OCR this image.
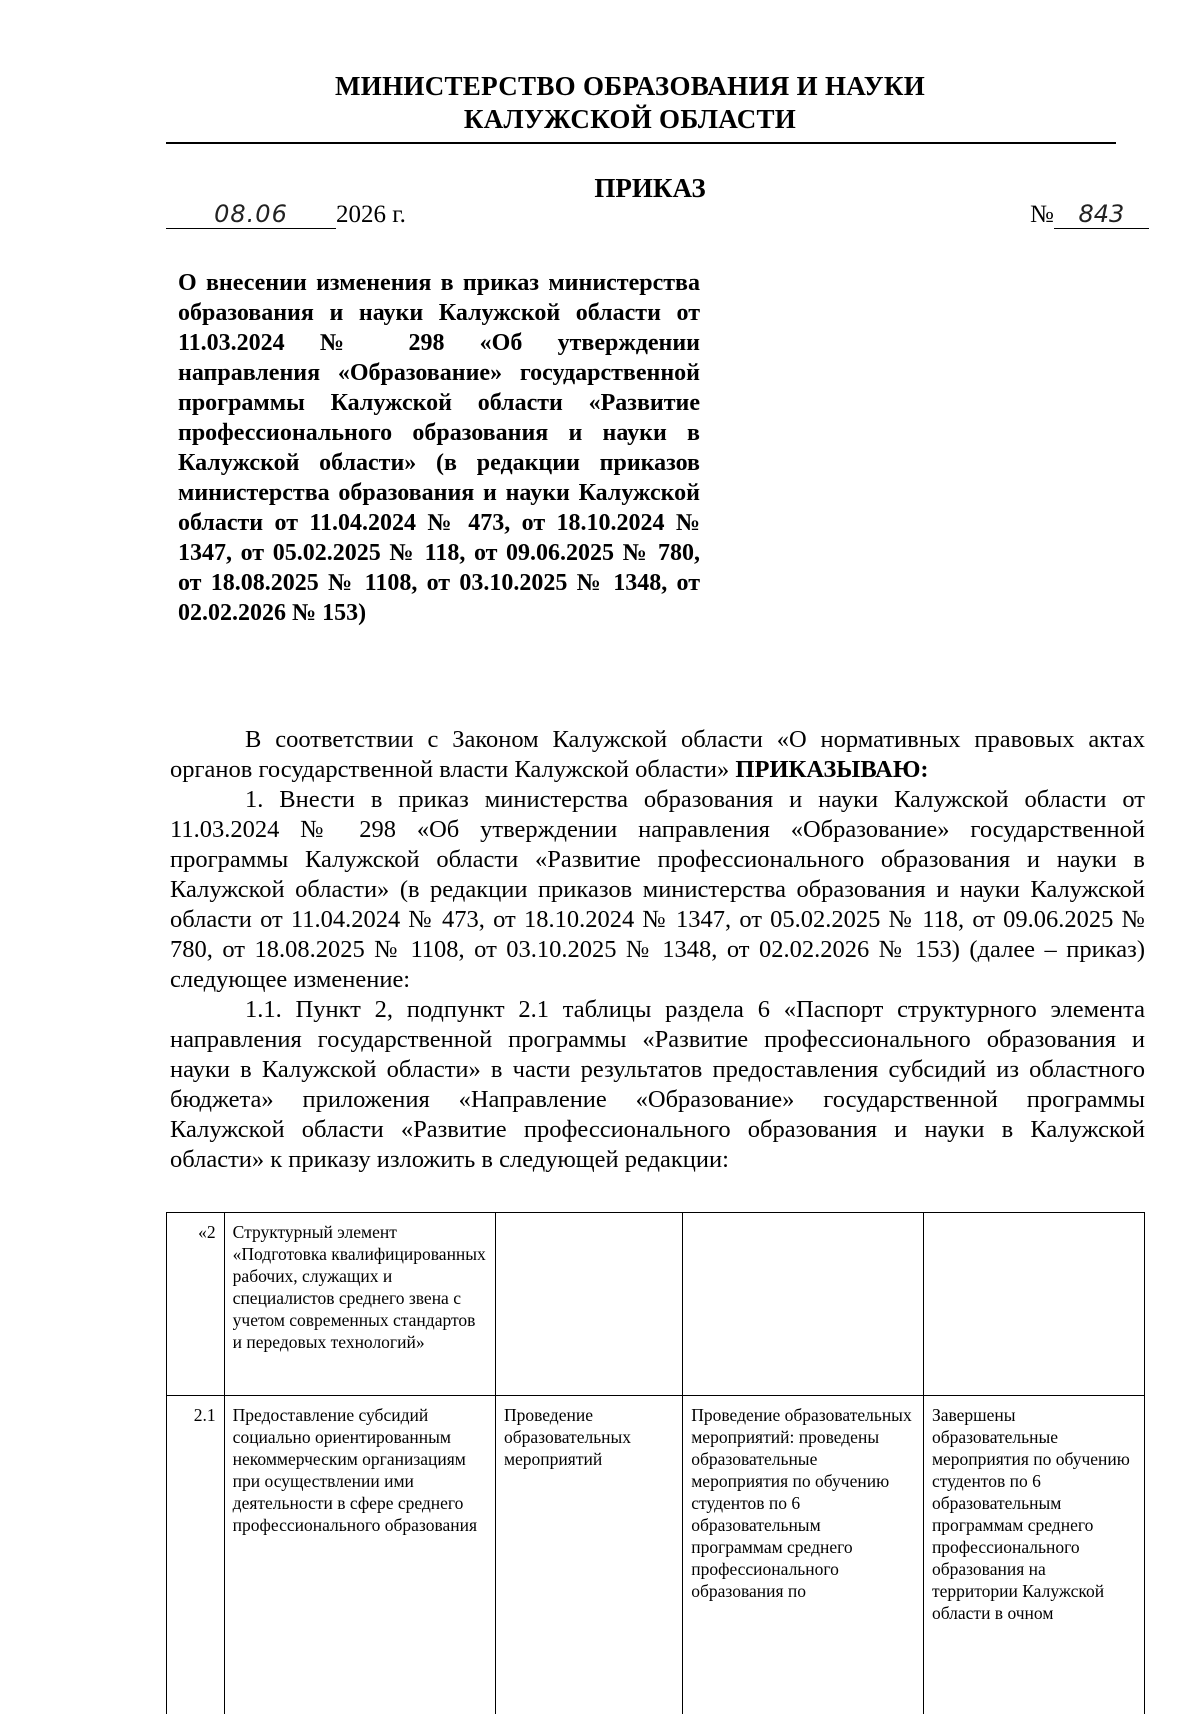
МИНИСТЕРСТВО ОБРАЗОВАНИЯ И НАУКИ
КАЛУЖСКОЙ ОБЛАСТИ
ПРИКАЗ
08.06 2026 г.	№ 843
О внесении изменения в приказ министерства образования и науки Калужской области от 11.03.2024 № 298 «Об утверждении направления «Образование» государственной программы Калужской области «Развитие профессионального образования и науки в Калужской области» (в редакции приказов министерства образования и науки Калужской области от 11.04.2024 № 473, от 18.10.2024 № 1347, от 05.02.2025 № 118, от 09.06.2025 № 780, от 18.08.2025 № 1108, от 03.10.2025 № 1348, от 02.02.2026 № 153)

В соответствии с Законом Калужской области «О нормативных правовых актах органов государственной власти Калужской области» ПРИКАЗЫВАЮ:

1. Внести в приказ министерства образования и науки Калужской области от 11.03.2024 № 298 «Об утверждении направления «Образование» государственной программы Калужской области «Развитие профессионального образования и науки в Калужской области» (в редакции приказов министерства образования и науки Калужской области от 11.04.2024 № 473, от 18.10.2024 № 1347, от 05.02.2025 № 118, от 09.06.2025 № 780, от 18.08.2025 № 1108, от 03.10.2025 № 1348, от 02.02.2026 № 153) (далее – приказ) следующее изменение:

1.1. Пункт 2, подпункт 2.1 таблицы раздела 6 «Паспорт структурного элемента направления государственной программы «Развитие профессионального образования и науки в Калужской области» в части результатов предоставления субсидий из областного бюджета» приложения «Направление «Образование» государственной программы Калужской области «Развитие профессионального образования и науки в Калужской области» к приказу изложить в следующей редакции:

«2	Структурный элемент «Подготовка квалифицированных рабочих, служащих и специалистов среднего звена с учетом современных стандартов и передовых технологий»			
2.1	Предоставление субсидий социально ориентированным некоммерческим организациям при осуществлении ими деятельности в сфере среднего профессионального образования	Проведение образовательных мероприятий	Проведение образовательных мероприятий: проведены образовательные мероприятия по обучению студентов по 6 образовательным программам среднего профессионального образования по	Завершены образовательные мероприятия по обучению студентов по 6 образовательным программам среднего профессионального образования на территории Калужской области в очном
